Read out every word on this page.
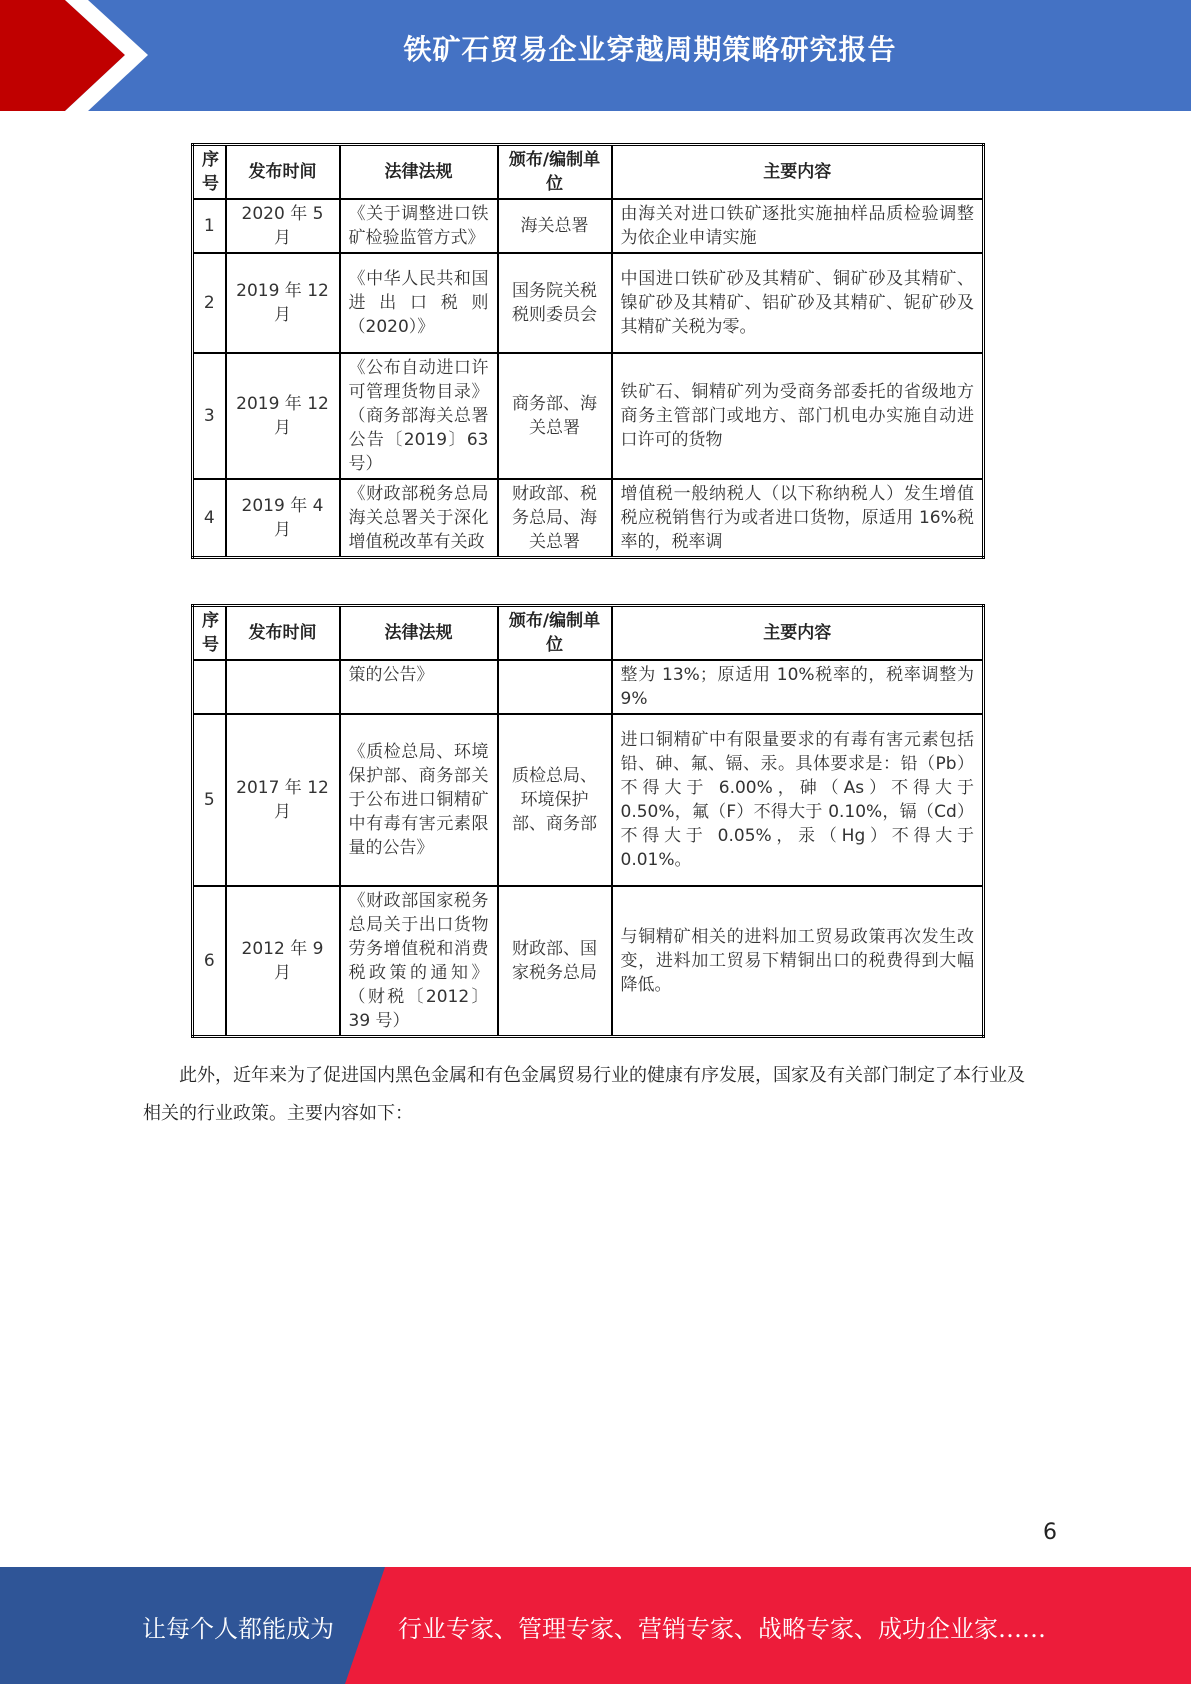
铁矿石贸易企业穿越周期策略研究报告
序号	发布时间	法律法规	颁布/编制单位	主要内容
1	2020 年 5 月	《关于调整进口铁矿检验监管方式》	海关总署	由海关对进口铁矿逐批实施抽样品质检验调整为依企业申请实施
2	2019 年 12 月	《中华人民共和国进出口税则（2020）》	国务院关税税则委员会	中国进口铁矿砂及其精矿、铜矿砂及其精矿、镍矿砂及其精矿、铝矿砂及其精矿、铌矿砂及其精矿关税为零。
3	2019 年 12 月	《公布自动进口许可管理货物目录》（商务部海关总署公告〔2019〕63 号）	商务部、海关总署	铁矿石、铜精矿列为受商务部委托的省级地方商务主管部门或地方、部门机电办实施自动进口许可的货物
4	2019 年 4 月	《财政部税务总局海关总署关于深化增值税改革有关政	财政部、税务总局、海关总署	增值税一般纳税人（以下称纳税人）发生增值税应税销售行为或者进口货物，原适用 16%税率的，税率调
序号	发布时间	法律法规	颁布/编制单位	主要内容
		策的公告》		整为 13%；原适用 10%税率的，税率调整为 9%
5	2017 年 12 月	《质检总局、环境保护部、商务部关于公布进口铜精矿中有毒有害元素限量的公告》	质检总局、环境保护部、商务部	进口铜精矿中有限量要求的有毒有害元素包括铅、砷、氟、镉、汞。具体要求是：铅（Pb）不得大于 6.00%，砷（As）不得大于 0.50%，氟（F）不得大于 0.10%，镉（Cd）不得大于 0.05%，汞（Hg）不得大于 0.01%。
6	2012 年 9 月	《财政部国家税务总局关于出口货物劳务增值税和消费税政策的通知》（财税〔2012〕39 号）	财政部、国家税务总局	与铜精矿相关的进料加工贸易政策再次发生改变，进料加工贸易下精铜出口的税费得到大幅降低。

此外，近年来为了促进国内黑色金属和有色金属贸易行业的健康有序发展，国家及有关部门制定了本行业及相关的行业政策。主要内容如下：

6
让每个人都能成为	行业专家、管理专家、营销专家、战略专家、成功企业家……
